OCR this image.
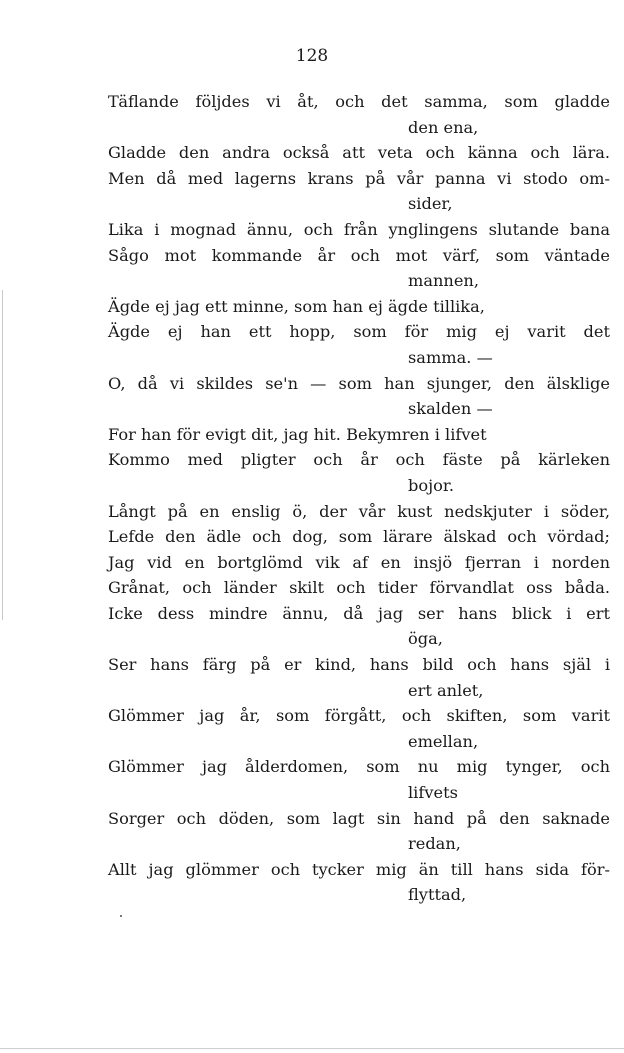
128
Täflande följdes vi åt, och det samma, som gladde
den ena,
Gladde den andra också att veta och känna och lära.
Men då med lagerns krans på vår panna vi stodo om-
sider,
Lika i mognad ännu, och från ynglingens slutande bana
Sågo mot kommande år och mot värf, som väntade
mannen,
Ägde ej jag ett minne, som han ej ägde tillika,
Ägde ej han ett hopp, som för mig ej varit det
samma. —
O, då vi skildes se'n — som han sjunger, den älsklige
skalden —
For han för evigt dit, jag hit. Bekymren i lifvet
Kommo med pligter och år och fäste på kärleken
bojor.
Långt på en enslig ö, der vår kust nedskjuter i söder,
Lefde den ädle och dog, som lärare älskad och vördad;
Jag vid en bortglömd vik af en insjö fjerran i norden
Grånat, och länder skilt och tider förvandlat oss båda.
Icke dess mindre ännu, då jag ser hans blick i ert
öga,
Ser hans färg på er kind, hans bild och hans själ i
ert anlet,
Glömmer jag år, som förgått, och skiften, som varit
emellan,
Glömmer jag ålderdomen, som nu mig tynger, och
lifvets
Sorger och döden, som lagt sin hand på den saknade
redan,
Allt jag glömmer och tycker mig än till hans sida för-
flyttad,
